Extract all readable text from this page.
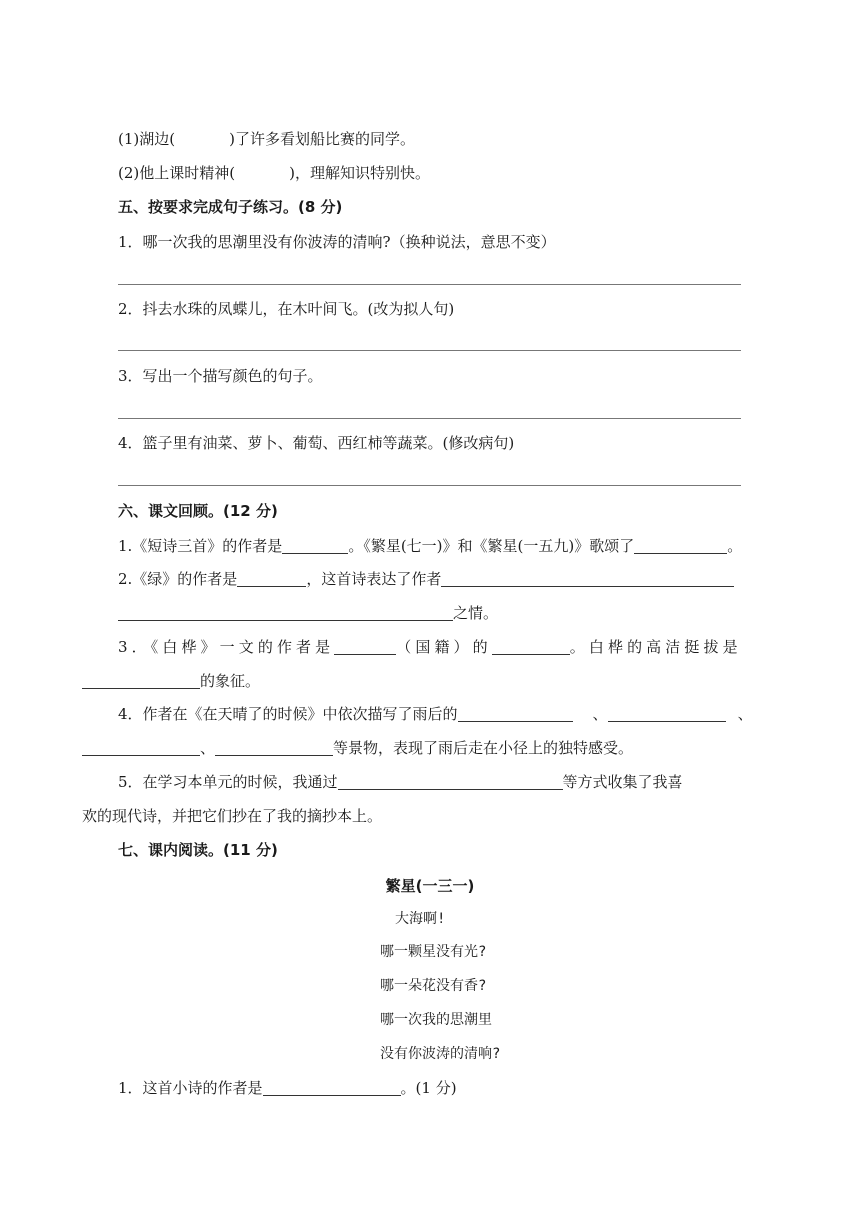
(1)湖边(	)了许多看划船比赛的同学。
(2)他上课时精神(	)，理解知识特别快。
五、按要求完成句子练习。(8 分)
1．哪一次我的思潮里没有你波涛的清响?（换种说法，意思不变）
2．抖去水珠的凤蝶儿，在木叶间飞。(改为拟人句)
3．写出一个描写颜色的句子。
4．篮子里有油菜、萝卜、葡萄、西红柿等蔬菜。(修改病句)
六、课文回顾。(12 分)
1.《短诗三首》的作者是	。《繁星(七一)》和《繁星(一五九)》歌颂了	。
2.《绿》的作者是	，这首诗表达了作者
之情。
3．《白桦》一文的作者是	（国籍）的	。白桦的高洁挺拔是
的象征。
4．作者在《在天晴了的时候》中依次描写了雨后的	、	、
、	等景物，表现了雨后走在小径上的独特感受。
5．在学习本单元的时候，我通过	等方式收集了我喜
欢的现代诗，并把它们抄在了我的摘抄本上。
七、课内阅读。(11 分)
繁星(一三一)
大海啊!
哪一颗星没有光?
哪一朵花没有香?
哪一次我的思潮里
没有你波涛的清响?
1．这首小诗的作者是	。(1 分)
